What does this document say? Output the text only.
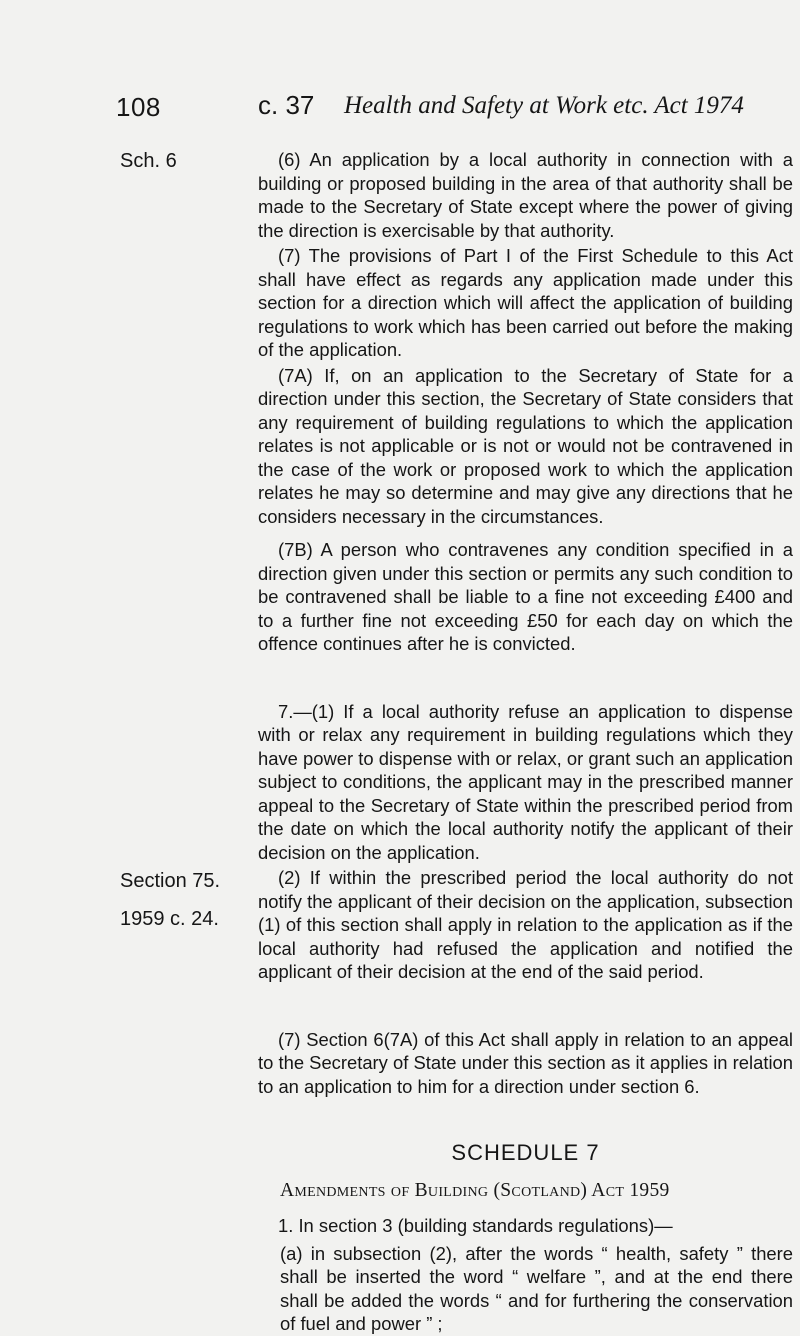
108	c. 37 Health and Safety at Work etc. Act 1974
Sch. 6
Section 75.
1959 c. 24.

(6) An application by a local authority in connection with a building or proposed building in the area of that authority shall be made to the Secretary of State except where the power of giving the direction is exercisable by that authority.

(7) The provisions of Part I of the First Schedule to this Act shall have effect as regards any application made under this section for a direction which will affect the application of building regulations to work which has been carried out before the making of the application.

(7A) If, on an application to the Secretary of State for a direction under this section, the Secretary of State considers that any requirement of building regulations to which the application relates is not applicable or is not or would not be contravened in the case of the work or proposed work to which the application relates he may so determine and may give any directions that he considers necessary in the circumstances.

(7B) A person who contravenes any condition specified in a direction given under this section or permits any such condition to be contravened shall be liable to a fine not exceeding £400 and to a further fine not exceeding £50 for each day on which the offence continues after he is convicted.

7.—(1) If a local authority refuse an application to dispense with or relax any requirement in building regulations which they have power to dispense with or relax, or grant such an application subject to conditions, the applicant may in the prescribed manner appeal to the Secretary of State within the prescribed period from the date on which the local authority notify the applicant of their decision on the application.

(2) If within the prescribed period the local authority do not notify the applicant of their decision on the application, subsection (1) of this section shall apply in relation to the application as if the local authority had refused the application and notified the applicant of their decision at the end of the said period.

(7) Section 6(7A) of this Act shall apply in relation to an appeal to the Secretary of State under this section as it applies in relation to an application to him for a direction under section 6.

SCHEDULE 7
Amendments of Building (Scotland) Act 1959

1. In section 3 (building standards regulations)—

(a) in subsection (2), after the words “ health, safety ” there shall be inserted the word “ welfare ”, and at the end there shall be added the words “ and for furthering the conservation of fuel and power ” ;
